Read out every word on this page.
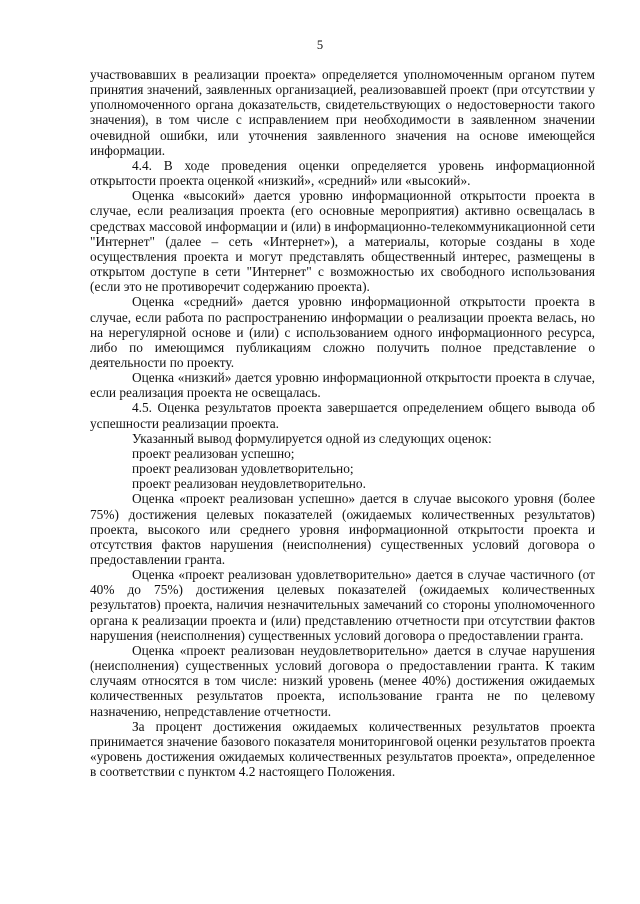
5

участвовавших в реализации проекта» определяется уполномоченным органом путем принятия значений, заявленных организацией, реализовавшей проект (при отсутствии у уполномоченного органа доказательств, свидетельствующих о недостоверности такого значения), в том числе с исправлением при необходимости в заявленном значении очевидной ошибки, или уточнения заявленного значения на основе имеющейся информации.

4.4. В ходе проведения оценки определяется уровень информационной открытости проекта оценкой «низкий», «средний» или «высокий».

Оценка «высокий» дается уровню информационной открытости проекта в случае, если реализация проекта (его основные мероприятия) активно освещалась в средствах массовой информации и (или) в информационно-телекоммуникационной сети "Интернет" (далее – сеть «Интернет»), а материалы, которые созданы в ходе осуществления проекта и могут представлять общественный интерес, размещены в открытом доступе в сети "Интернет" с возможностью их свободного использования (если это не противоречит содержанию проекта).

Оценка «средний» дается уровню информационной открытости проекта в случае, если работа по распространению информации о реализации проекта велась, но на нерегулярной основе и (или) с использованием одного информационного ресурса, либо по имеющимся публикациям сложно получить полное представление о деятельности по проекту.

Оценка «низкий» дается уровню информационной открытости проекта в случае, если реализация проекта не освещалась.

4.5. Оценка результатов проекта завершается определением общего вывода об успешности реализации проекта.

Указанный вывод формулируется одной из следующих оценок:

проект реализован успешно;

проект реализован удовлетворительно;

проект реализован неудовлетворительно.

Оценка «проект реализован успешно» дается в случае высокого уровня (более 75%) достижения целевых показателей (ожидаемых количественных результатов) проекта, высокого или среднего уровня информационной открытости проекта и отсутствия фактов нарушения (неисполнения) существенных условий договора о предоставлении гранта.

Оценка «проект реализован удовлетворительно» дается в случае частичного (от 40% до 75%) достижения целевых показателей (ожидаемых количественных результатов) проекта, наличия незначительных замечаний со стороны уполномоченного органа к реализации проекта и (или) представлению отчетности при отсутствии фактов нарушения (неисполнения) существенных условий договора о предоставлении гранта.

Оценка «проект реализован неудовлетворительно» дается в случае нарушения (неисполнения) существенных условий договора о предоставлении гранта. К таким случаям относятся в том числе: низкий уровень (менее 40%) достижения ожидаемых количественных результатов проекта, использование гранта не по целевому назначению, непредставление отчетности.

За процент достижения ожидаемых количественных результатов проекта принимается значение базового показателя мониторинговой оценки результатов проекта «уровень достижения ожидаемых количественных результатов проекта», определенное в соответствии с пунктом 4.2 настоящего Положения.
